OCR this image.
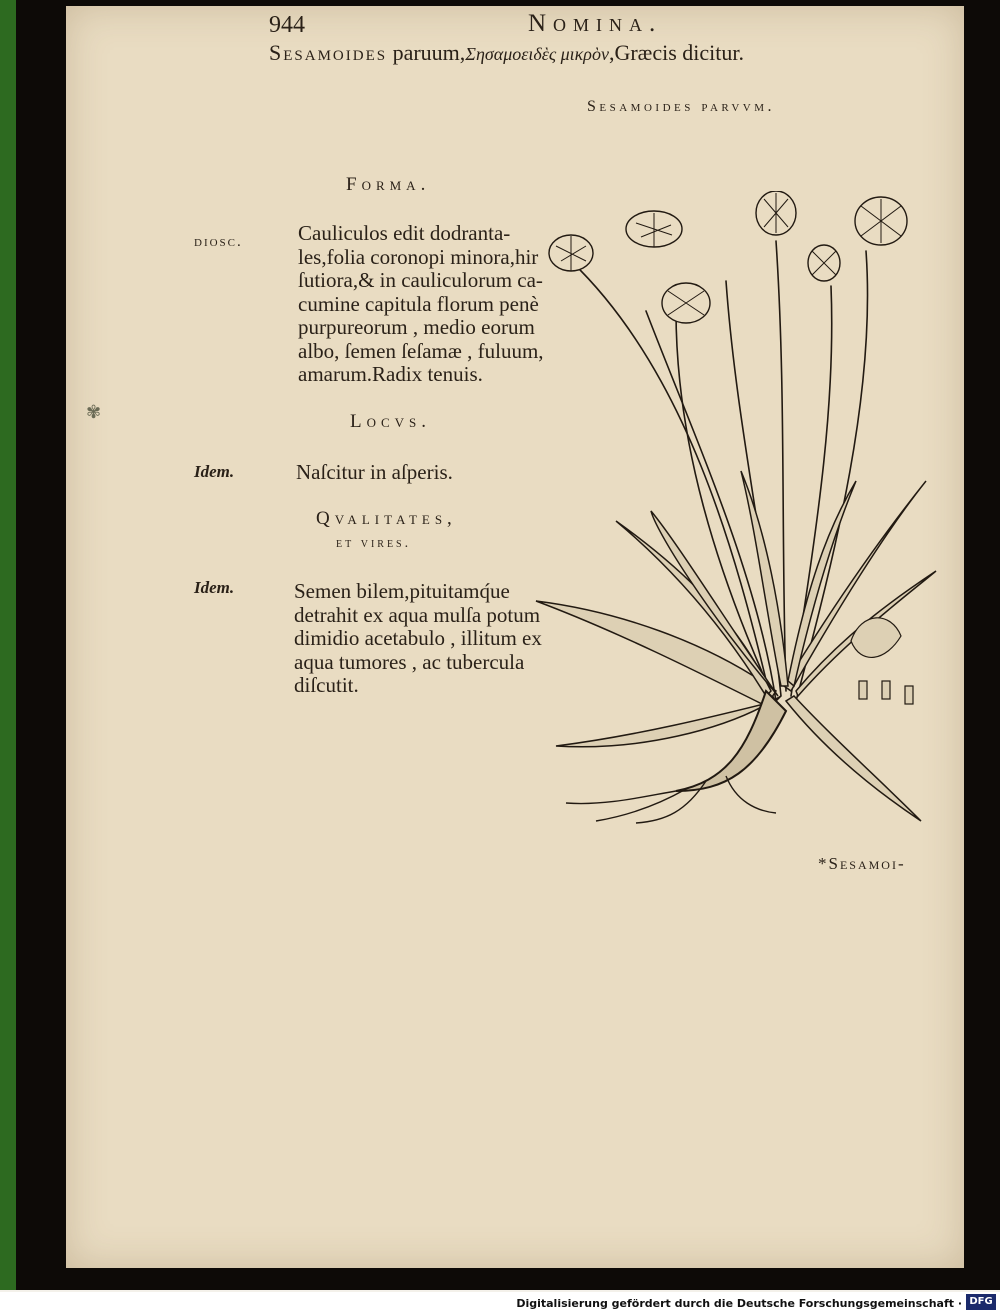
✾
944	Nomina.
Sesamoides paruum,Σησαμοειδὲς μικρὸν,Græcis dicitur.
Sesamoides parvvm.
Forma.
diosc.	Cauliculos edit dodranta-
les,folia coronopi minora,hir
ſutiora,& in cauliculorum ca-
cumine capitula florum penè
purpureorum , medio eorum
albo, ſemen ſeſamæ , fuluum,
amarum.Radix tenuis.
Locvs.
Idem.	Naſcitur in aſperis.
Qvalitates,
et vires.
Idem.	Semen bilem,pituitamq́ue
detrahit ex aqua mulſa potum
dimidio acetabulo , illitum ex
aqua tumores , ac tubercula
diſcutit.
*Sesamoi-
Digitalisierung gefördert durch die Deutsche Forschungsgemeinschaft · DFG
